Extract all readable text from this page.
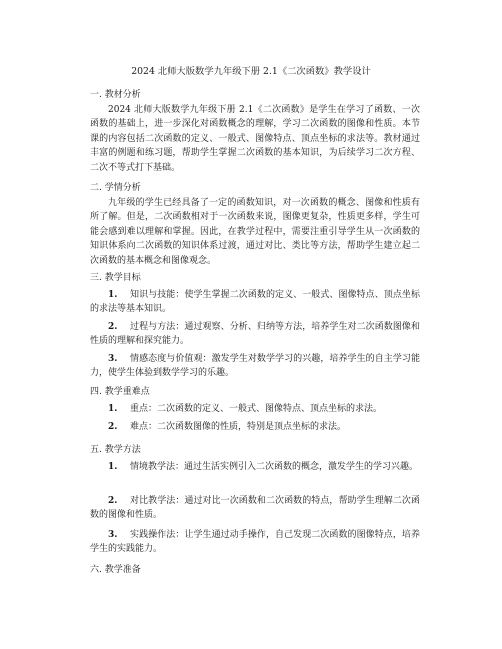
2024 北师大版数学九年级下册 2.1《二次函数》教学设计
一. 教材分析
2024 北师大版数学九年级下册 2.1《二次函数》是学生在学习了函数、一次函数的基础上，进一步深化对函数概念的理解，学习二次函数的图像和性质。本节课的内容包括二次函数的定义、一般式、图像特点、顶点坐标的求法等。教材通过丰富的例题和练习题，帮助学生掌握二次函数的基本知识，为后续学习二次方程、二次不等式打下基础。
二. 学情分析
九年级的学生已经具备了一定的函数知识，对一次函数的概念、图像和性质有所了解。但是，二次函数相对于一次函数来说，图像更复杂，性质更多样，学生可能会感到难以理解和掌握。因此，在教学过程中，需要注重引导学生从一次函数的知识体系向二次函数的知识体系过渡，通过对比、类比等方法，帮助学生建立起二次函数的基本概念和图像观念。
三. 教学目标
1. 知识与技能：使学生掌握二次函数的定义、一般式、图像特点、顶点坐标的求法等基本知识。
2. 过程与方法：通过观察、分析、归纳等方法，培养学生对二次函数图像和性质的理解和探究能力。
3. 情感态度与价值观：激发学生对数学学习的兴趣，培养学生的自主学习能力，使学生体验到数学学习的乐趣。
四. 教学重难点
1. 重点：二次函数的定义、一般式、图像特点、顶点坐标的求法。
2. 难点：二次函数图像的性质，特别是顶点坐标的求法。
五. 教学方法
1. 情境教学法：通过生活实例引入二次函数的概念，激发学生的学习兴趣。
2. 对比教学法：通过对比一次函数和二次函数的特点，帮助学生理解二次函数的图像和性质。
3. 实践操作法：让学生通过动手操作，自己发现二次函数的图像特点，培养学生的实践能力。
六. 教学准备
